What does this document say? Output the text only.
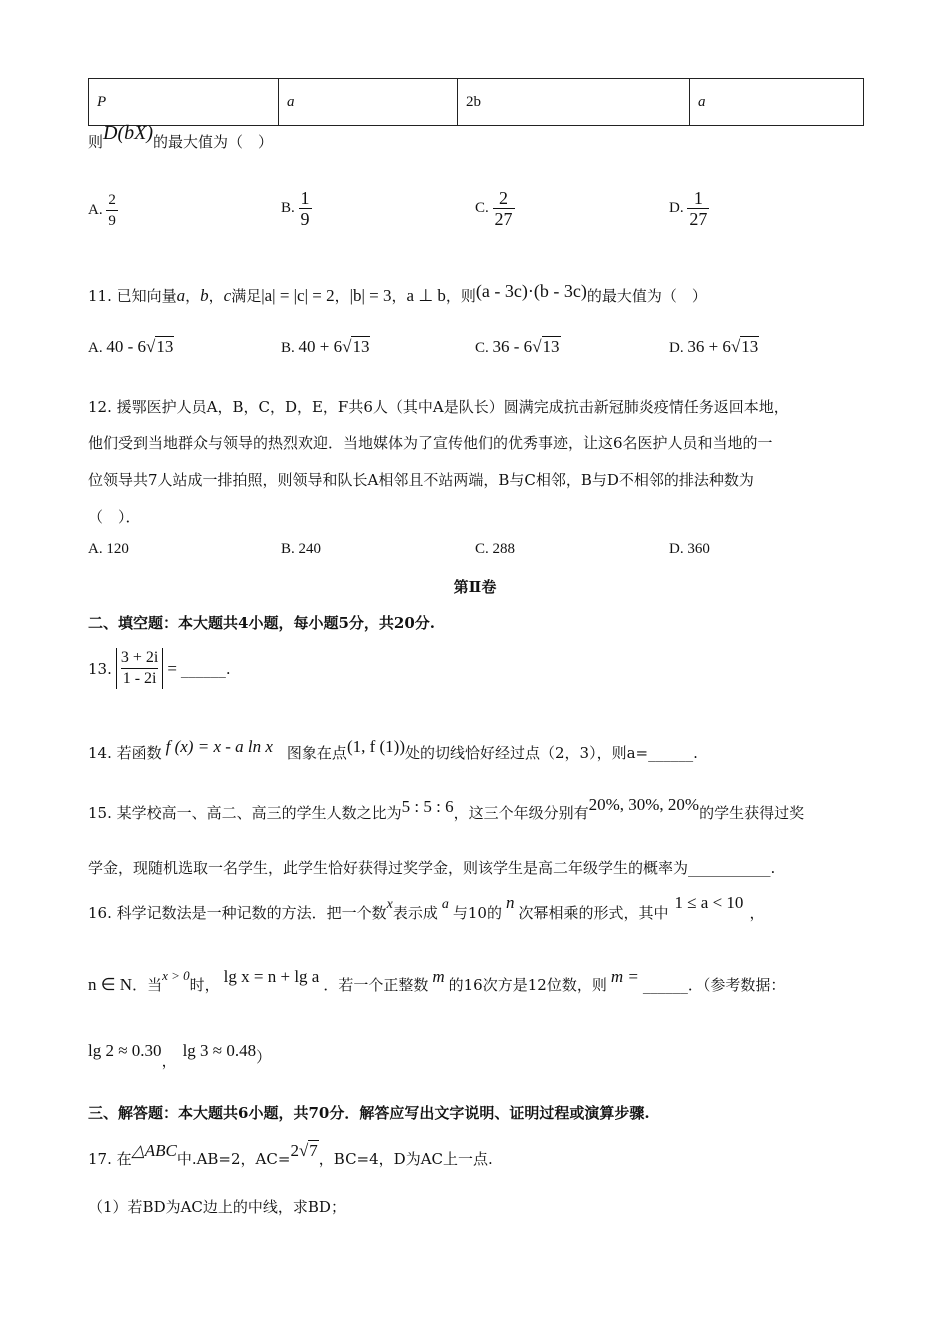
P	a	2b	a
则D(bX)的最大值为（　）
A. $\frac{2}{9}$	B. $\frac{1}{9}$	C. $\frac{2}{27}$	D. $\frac{1}{27}$
11. 已知向量a，b，c满足|a| = |c| = 2，|b| = 3，a ⊥ b，则(a - 3c)·(b - 3c)的最大值为（　）
A. 40 - 6√13	B. 40 + 6√13	C. 36 - 6√13	D. 36 + 6√13
12. 援鄂医护人员A，B，C，D，E，F共6人（其中A是队长）圆满完成抗击新冠肺炎疫情任务返回本地，
他们受到当地群众与领导的热烈欢迎．当地媒体为了宣传他们的优秀事迹，让这6名医护人员和当地的一
位领导共7人站成一排拍照，则领导和队长A相邻且不站两端，B与C相邻，B与D不相邻的排法种数为
（　）．
A. 120	B. 240	C. 288	D. 360
第Ⅱ卷
二、填空题：本大题共4小题，每小题5分，共20分.
13. $\frac{3 + 2i}{1 - 2i}$ = ______.
14. 若函数 f (x) = x - a ln x 图象在点(1, f (1))处的切线恰好经过点（2，3），则a=______.
15. 某学校高一、高二、高三的学生人数之比为5 : 5 : 6，这三个年级分别有20%, 30%, 20%的学生获得过奖
学金，现随机选取一名学生，此学生恰好获得过奖学金，则该学生是高二年级学生的概率为___________.
16. 科学记数法是一种记数的方法．把一个数x表示成 a 与10的n次幂相乘的形式，其中1 ≤ a < 10，
n ∈ N．当x > 0时， lg x = n + lg a ．若一个正整数 m 的16次方是12位数，则 m = ______．（参考数据：
lg 2 ≈ 0.30，lg 3 ≈ 0.48）
三、解答题：本大题共6小题，共70分．解答应写出文字说明、证明过程或演算步骤.
17. 在△ABC中.AB=2，AC=2√7，BC=4，D为AC上一点.
（1）若BD为AC边上的中线，求BD；
